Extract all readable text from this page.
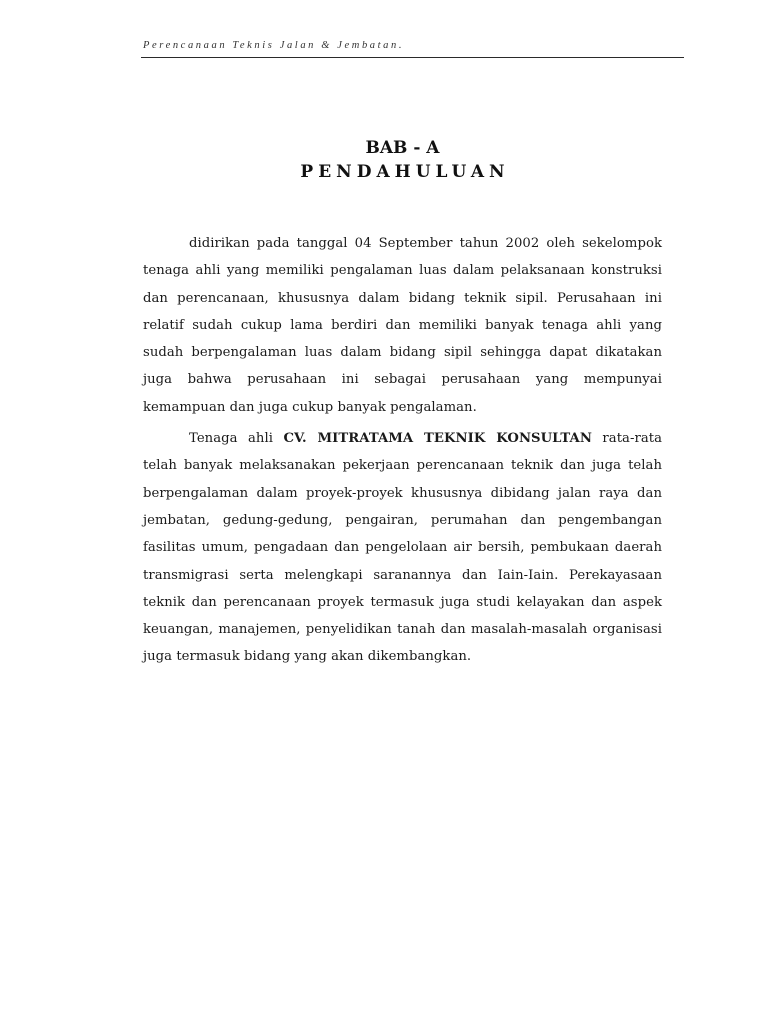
Perencanaan Teknis Jalan & Jembatan.
BAB - A
PENDAHULUAN

didirikan pada tanggal 04 September tahun 2002 oleh sekelompok tenaga ahli yang memiliki pengalaman luas dalam pelaksanaan konstruksi dan perencanaan, khususnya dalam bidang teknik sipil. Perusahaan ini relatif sudah cukup lama berdiri dan memiliki banyak tenaga ahli yang sudah berpengalaman luas dalam bidang sipil sehingga dapat dikatakan juga bahwa perusahaan ini sebagai perusahaan yang mempunyai kemampuan dan juga cukup banyak pengalaman.

Tenaga ahli CV. MITRATAMA TEKNIK KONSULTAN rata-rata telah banyak melaksanakan pekerjaan perencanaan teknik dan juga telah berpengalaman dalam proyek-proyek khususnya dibidang jalan raya dan jembatan, gedung-gedung, pengairan, perumahan dan pengembangan fasilitas umum, pengadaan dan pengelolaan air bersih, pembukaan daerah transmigrasi serta melengkapi saranannya dan Iain-Iain. Perekayasaan teknik dan perencanaan proyek termasuk juga studi kelayakan dan aspek keuangan, manajemen, penyelidikan tanah dan masalah-masalah organisasi juga termasuk bidang yang akan dikembangkan.
